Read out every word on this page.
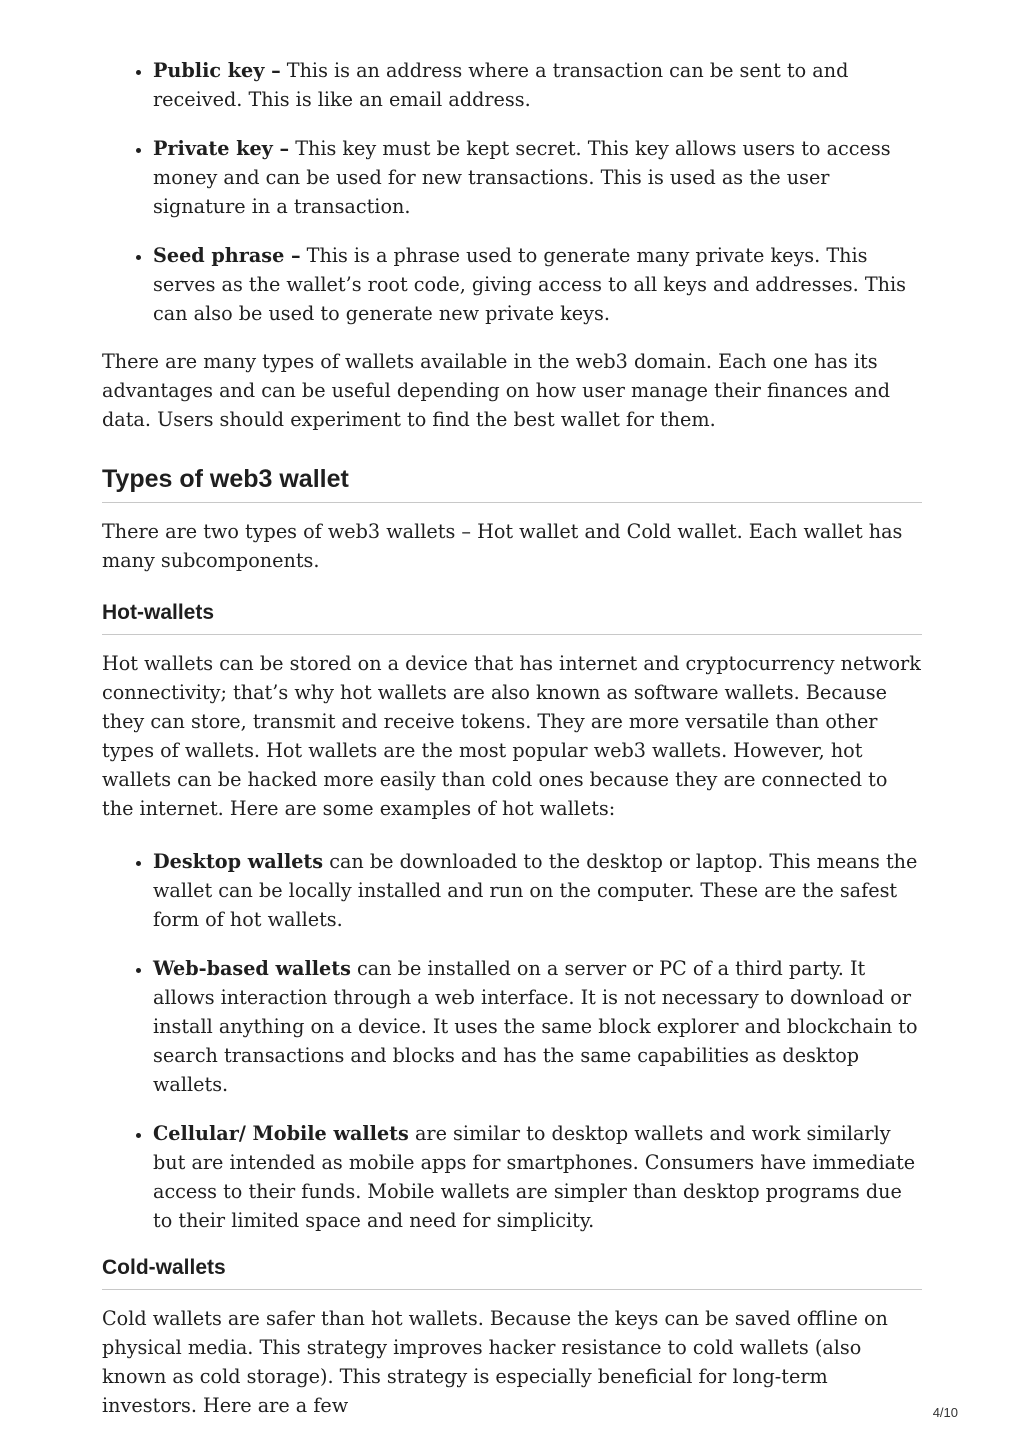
• Public key – This is an address where a transaction can be sent to and received. This is like an email address.
• Private key – This key must be kept secret. This key allows users to access money and can be used for new transactions. This is used as the user signature in a transaction.
• Seed phrase – This is a phrase used to generate many private keys. This serves as the wallet’s root code, giving access to all keys and addresses. This can also be used to generate new private keys.

There are many types of wallets available in the web3 domain. Each one has its advantages and can be useful depending on how user manage their finances and data. Users should experiment to find the best wallet for them.

Types of web3 wallet

There are two types of web3 wallets – Hot wallet and Cold wallet. Each wallet has many subcomponents.

Hot-wallets

Hot wallets can be stored on a device that has internet and cryptocurrency network connectivity; that’s why hot wallets are also known as software wallets. Because they can store, transmit and receive tokens. They are more versatile than other types of wallets. Hot wallets are the most popular web3 wallets. However, hot wallets can be hacked more easily than cold ones because they are connected to the internet. Here are some examples of hot wallets:

• Desktop wallets can be downloaded to the desktop or laptop. This means the wallet can be locally installed and run on the computer. These are the safest form of hot wallets.
• Web-based wallets can be installed on a server or PC of a third party. It allows interaction through a web interface. It is not necessary to download or install anything on a device. It uses the same block explorer and blockchain to search transactions and blocks and has the same capabilities as desktop wallets.
• Cellular/ Mobile wallets are similar to desktop wallets and work similarly but are intended as mobile apps for smartphones. Consumers have immediate access to their funds. Mobile wallets are simpler than desktop programs due to their limited space and need for simplicity.
Cold-wallets

Cold wallets are safer than hot wallets. Because the keys can be saved offline on physical media. This strategy improves hacker resistance to cold wallets (also known as cold storage). This strategy is especially beneficial for long-term investors. Here are a few	4/10
